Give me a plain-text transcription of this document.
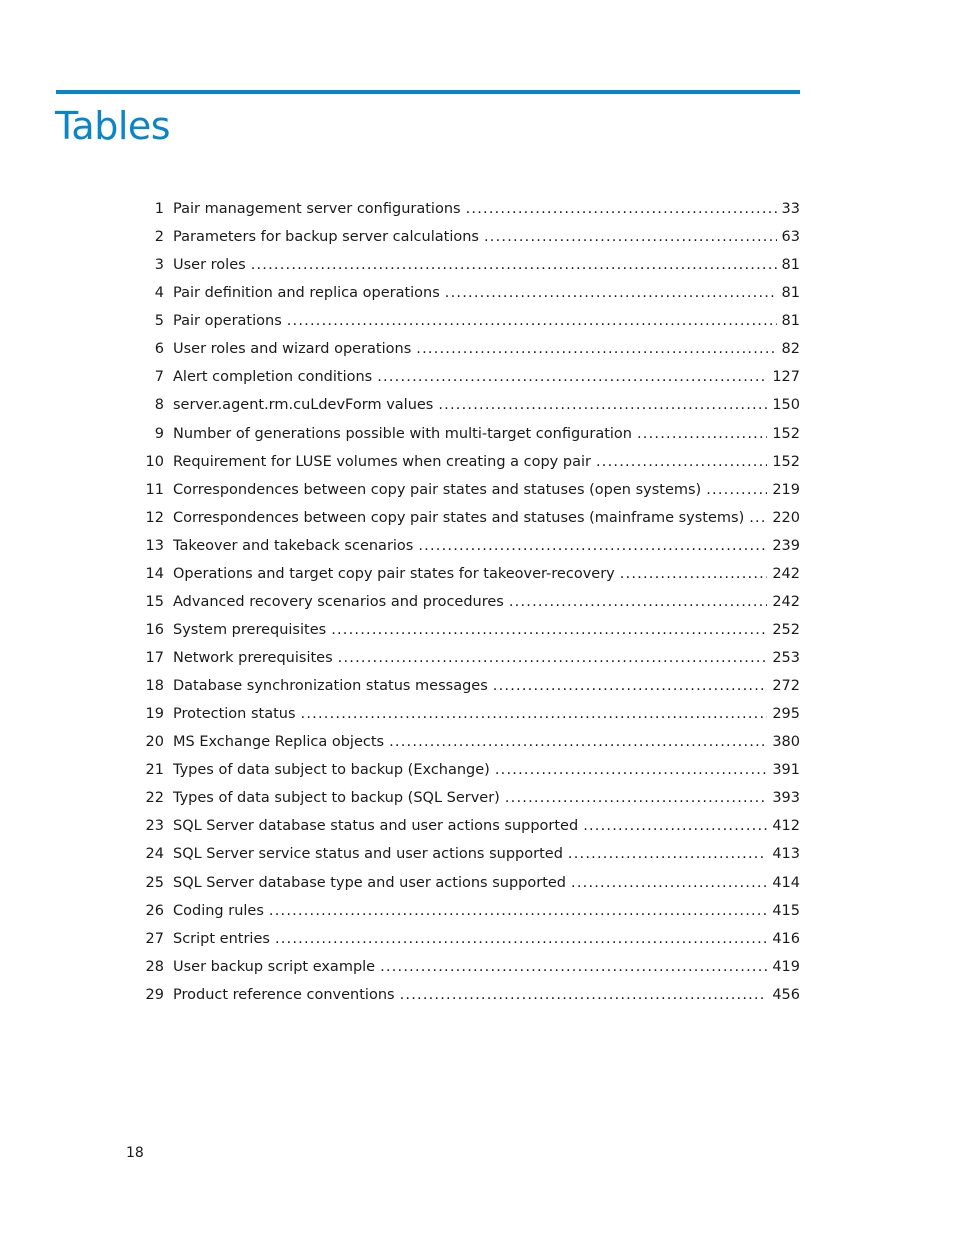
Tables
1 Pair management server configurations .....	33
2 Parameters for backup server calculations .....	63
3 User roles .....	81
4 Pair definition and replica operations .....	81
5 Pair operations .....	81
6 User roles and wizard operations .....	82
7 Alert completion conditions .....	127
8 server.agent.rm.cuLdevForm values .....	150
9 Number of generations possible with multi-target configuration .....	152
10 Requirement for LUSE volumes when creating a copy pair .....	152
11 Correspondences between copy pair states and statuses (open systems) .....	219
12 Correspondences between copy pair states and statuses (mainframe systems) ..... 220
13 Takeover and takeback scenarios .....	239
14 Operations and target copy pair states for takeover-recovery .....	242
15 Advanced recovery scenarios and procedures .....	242
16 System prerequisites .....	252
17 Network prerequisites .....	253
18 Database synchronization status messages .....	272
19 Protection status .....	295
20 MS Exchange Replica objects .....	380
21 Types of data subject to backup (Exchange) .....	391
22 Types of data subject to backup (SQL Server) .....	393
23 SQL Server database status and user actions supported .....	412
24 SQL Server service status and user actions supported .....	413
25 SQL Server database type and user actions supported .....	414
26 Coding rules .....	415
27 Script entries .....	416
28 User backup script example .....	419
29 Product reference conventions .....	456
18
